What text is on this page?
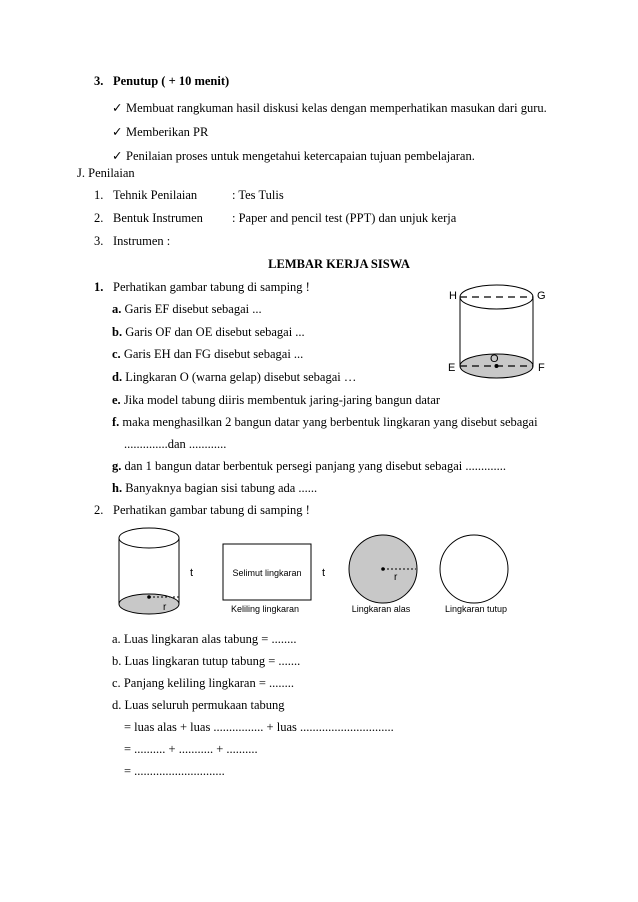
3. Penutup ( + 10 menit)
✓ Membuat rangkuman hasil diskusi kelas dengan memperhatikan masukan dari guru.
✓ Memberikan PR
✓ Penilaian proses untuk mengetahui ketercapaian tujuan pembelajaran.
J. Penilaian
1. Tehnik Penilaian	: Tes Tulis
2. Bentuk Instrumen : Paper and pencil test (PPT) dan unjuk kerja
3. Instrumen :
LEMBAR KERJA SISWA
1. Perhatikan gambar tabung di samping !
a. Garis EF disebut sebagai ...
b. Garis OF dan OE disebut sebagai ...
c. Garis EH dan FG disebut sebagai ...
d. Lingkaran O (warna gelap) disebut sebagai …
e. Jika model tabung diiris membentuk jaring-jaring bangun datar
f. maka menghasilkan 2 bangun datar yang berbentuk lingkaran yang disebut sebagai
..............dan ............
g. dan 1 bangun datar berbentuk persegi panjang yang disebut sebagai .............
h. Banyaknya bagian sisi tabung ada ......
H	G
E	F
O
2. Perhatikan gambar tabung di samping !
r
t	Selimut lingkaran t
Keliling lingkaran
r
Lingkaran alas	Lingkaran tutup
a. Luas lingkaran alas tabung = ........
b. Luas lingkaran tutup tabung = .......
c. Panjang keliling lingkaran = ........
d. Luas seluruh permukaan tabung
= luas alas + luas ................ + luas ..............................
= .......... + ........... + ..........
= .............................
